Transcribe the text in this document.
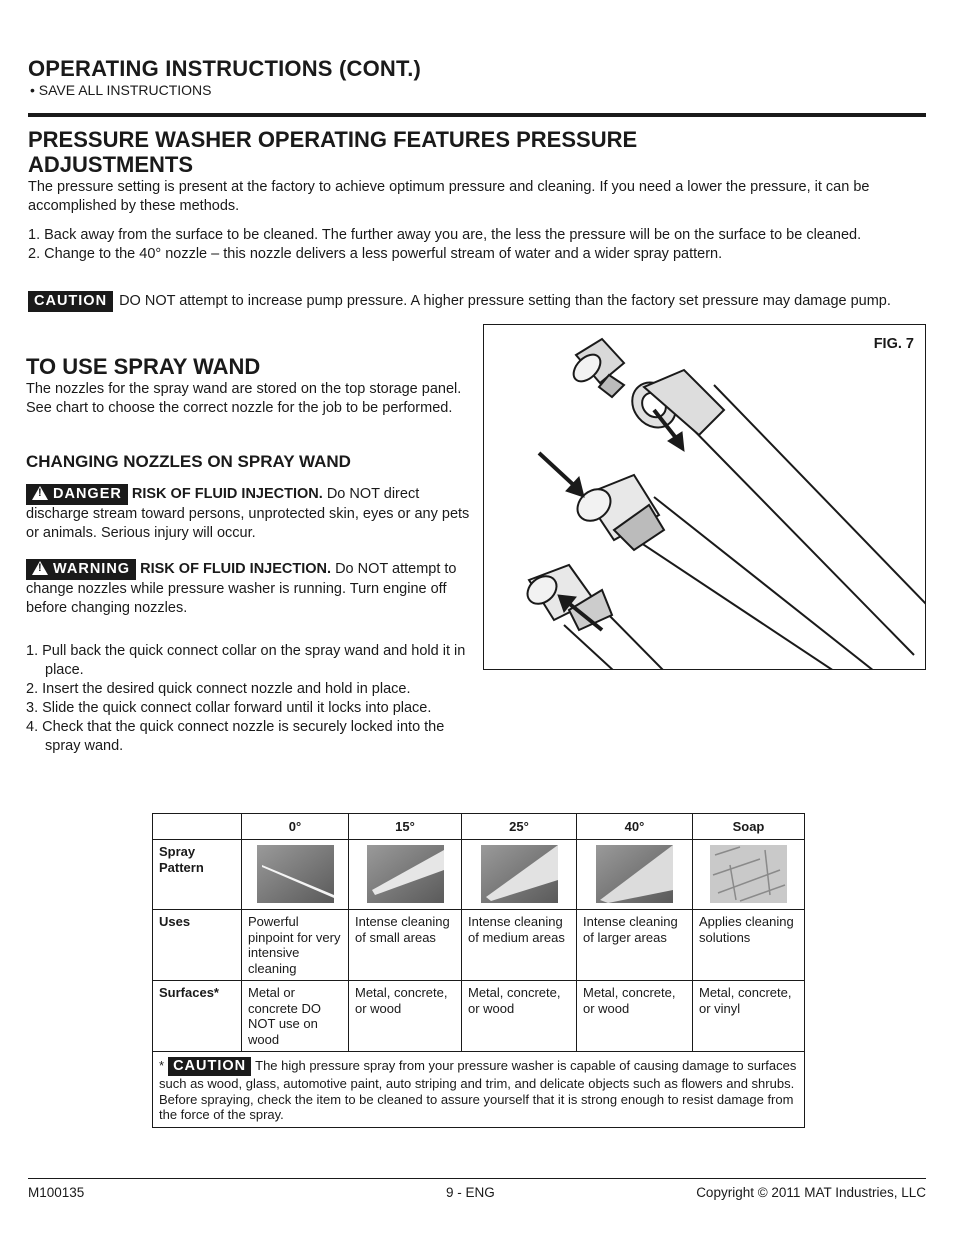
OPERATING INSTRUCTIONS (CONT.)
• SAVE ALL INSTRUCTIONS
PRESSURE WASHER OPERATING FEATURES PRESSURE ADJUSTMENTS

The pressure setting is present at the factory to achieve optimum pressure and cleaning. If you need a lower the pressure, it can be accomplished by these methods.

1. Back away from the surface to be cleaned. The further away you are, the less the pressure will be on the surface to be cleaned.
2. Change to the 40° nozzle – this nozzle delivers a less powerful stream of water and a wider spray pattern.

CAUTION DO NOT attempt to increase pump pressure. A higher pressure setting than the factory set pressure may damage pump.

TO USE SPRAY WAND

The nozzles for the spray wand are stored on the top storage panel. See chart to choose the correct nozzle for the job to be performed.

CHANGING NOZZLES ON SPRAY WAND

!DANGER RISK OF FLUID INJECTION. Do NOT direct discharge stream toward persons, unprotected skin, eyes or any pets or animals. Serious injury will occur.

!WARNING RISK OF FLUID INJECTION. Do NOT attempt to change nozzles while pressure washer is running. Turn engine off before changing nozzles.

1. Pull back the quick connect collar on the spray wand and hold it in place.
2. Insert the desired quick connect nozzle and hold in place.
3. Slide the quick connect collar forward until it locks into place.
4. Check that the quick connect nozzle is securely locked into the spray wand.
FIG. 7
	0°	15°	25°	40°	Soap
Spray Pattern	

Uses	Powerful pinpoint for very intensive cleaning	Intense cleaning of small areas	Intense cleaning of medium areas	Intense cleaning of larger areas	Applies cleaning solutions
Surfaces*	Metal or concrete DO NOT use on wood	Metal, concrete, or wood	Metal, concrete, or wood	Metal, concrete, or wood	Metal, concrete, or vinyl
* CAUTION The high pressure spray from your pressure washer is capable of causing damage to surfaces such as wood, glass, automotive paint, auto striping and trim, and delicate objects such as flowers and shrubs. Before spraying, check the item to be cleaned to assure yourself that it is strong enough to resist damage from the force of the spray.					
M100135	9 - ENG	Copyright © 2011 MAT Industries, LLC
